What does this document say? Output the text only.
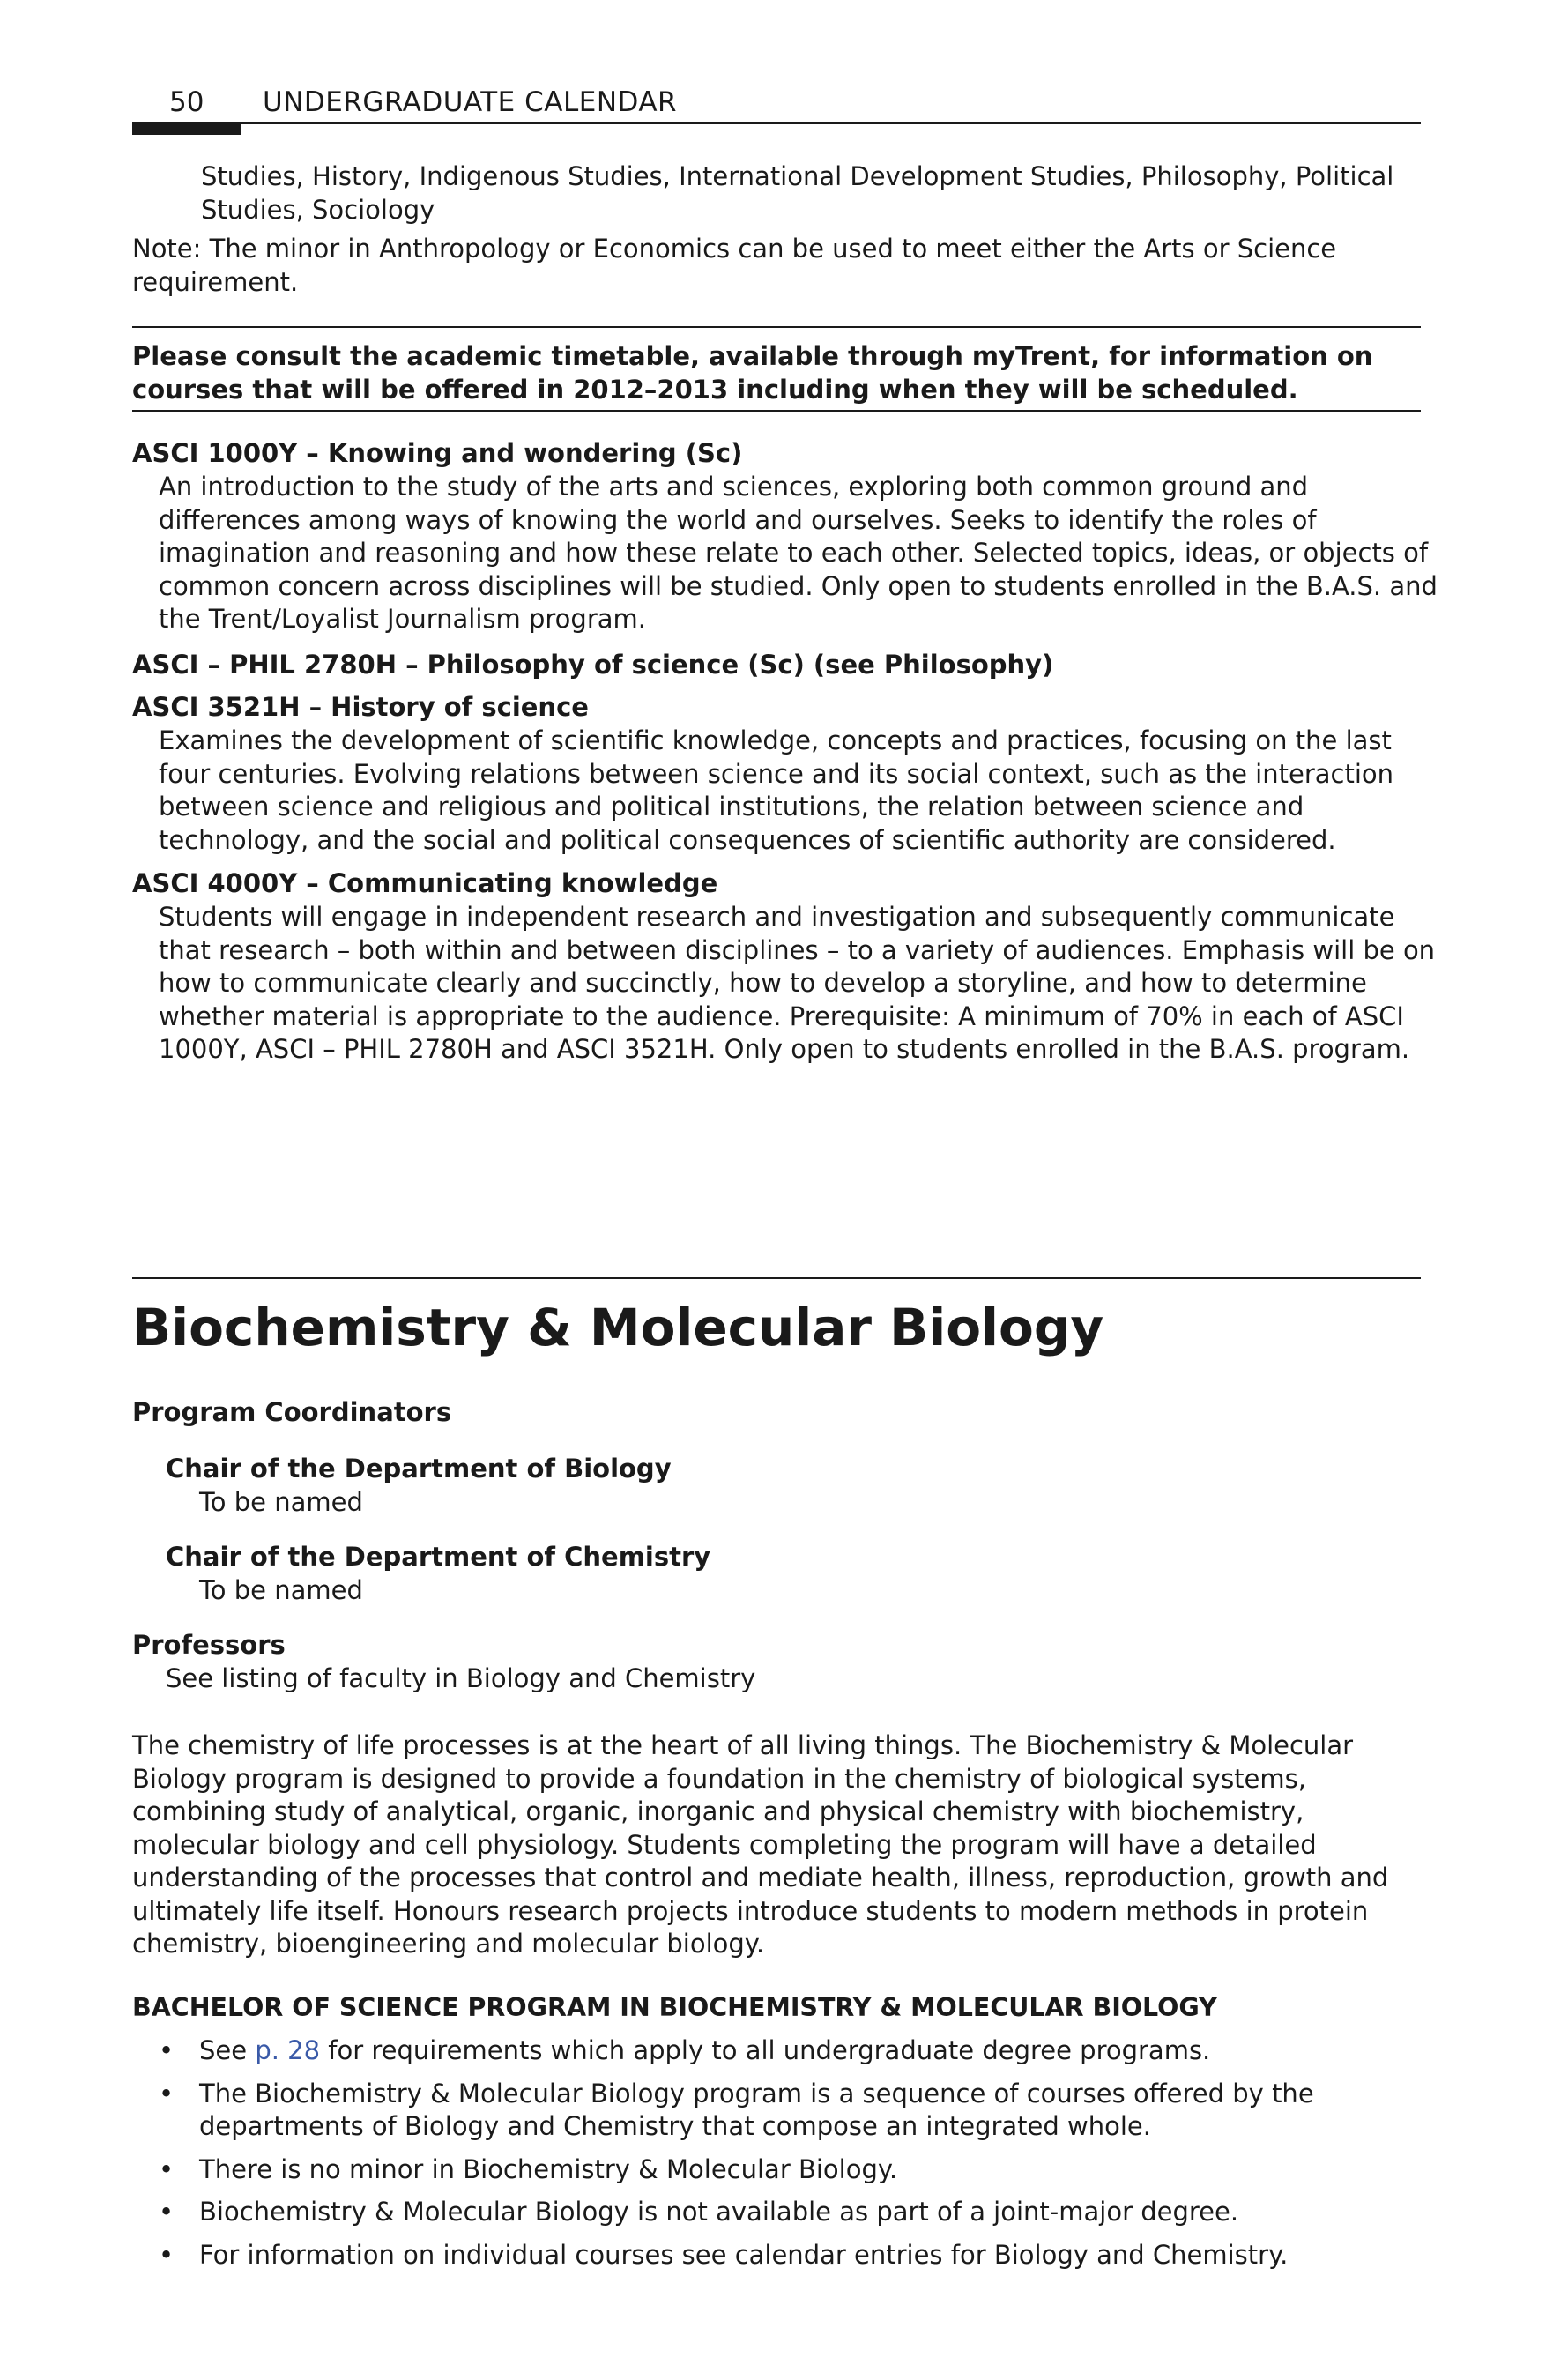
50 UNDERGRADUATE CALENDAR

Studies, History, Indigenous Studies, International Development Studies, Philosophy, Political Studies, Sociology

Note: The minor in Anthropology or Economics can be used to meet either the Arts or Science requirement.

Please consult the academic timetable, available through myTrent, for information on courses that will be offered in 2012–2013 including when they will be scheduled.

ASCI 1000Y – Knowing and wondering (Sc)

An introduction to the study of the arts and sciences, exploring both common ground and differences among ways of knowing the world and ourselves. Seeks to identify the roles of imagination and reasoning and how these relate to each other. Selected topics, ideas, or objects of common concern across disciplines will be studied. Only open to students enrolled in the B.A.S. and the Trent/Loyalist Journalism program.

ASCI – PHIL 2780H – Philosophy of science (Sc) (see Philosophy)

ASCI 3521H – History of science

Examines the development of scientific knowledge, concepts and practices, focusing on the last four centuries. Evolving relations between science and its social context, such as the interaction between science and religious and political institutions, the relation between science and technology, and the social and political consequences of scientific authority are considered.

ASCI 4000Y – Communicating knowledge

Students will engage in independent research and investigation and subsequently communicate that research – both within and between disciplines – to a variety of audiences. Emphasis will be on how to communicate clearly and succinctly, how to develop a storyline, and how to determine whether material is appropriate to the audience. Prerequisite: A minimum of 70% in each of ASCI 1000Y, ASCI – PHIL 2780H and ASCI 3521H. Only open to students enrolled in the B.A.S. program.

Biochemistry & Molecular Biology

Program Coordinators

Chair of the Department of Biology

To be named

Chair of the Department of Chemistry

To be named

Professors

See listing of faculty in Biology and Chemistry

The chemistry of life processes is at the heart of all living things. The Biochemistry & Molecular Biology program is designed to provide a foundation in the chemistry of biological systems, combining study of analytical, organic, inorganic and physical chemistry with biochemistry, molecular biology and cell physiology. Students completing the program will have a detailed understanding of the processes that control and mediate health, illness, reproduction, growth and ultimately life itself. Honours research projects introduce students to modern methods in protein chemistry, bioengineering and molecular biology.

BACHELOR OF SCIENCE PROGRAM IN BIOCHEMISTRY & MOLECULAR BIOLOGY

• See p. 28 for requirements which apply to all undergraduate degree programs.
• The Biochemistry & Molecular Biology program is a sequence of courses offered by the departments of Biology and Chemistry that compose an integrated whole.
• There is no minor in Biochemistry & Molecular Biology.
• Biochemistry & Molecular Biology is not available as part of a joint-major degree.
• For information on individual courses see calendar entries for Biology and Chemistry.
